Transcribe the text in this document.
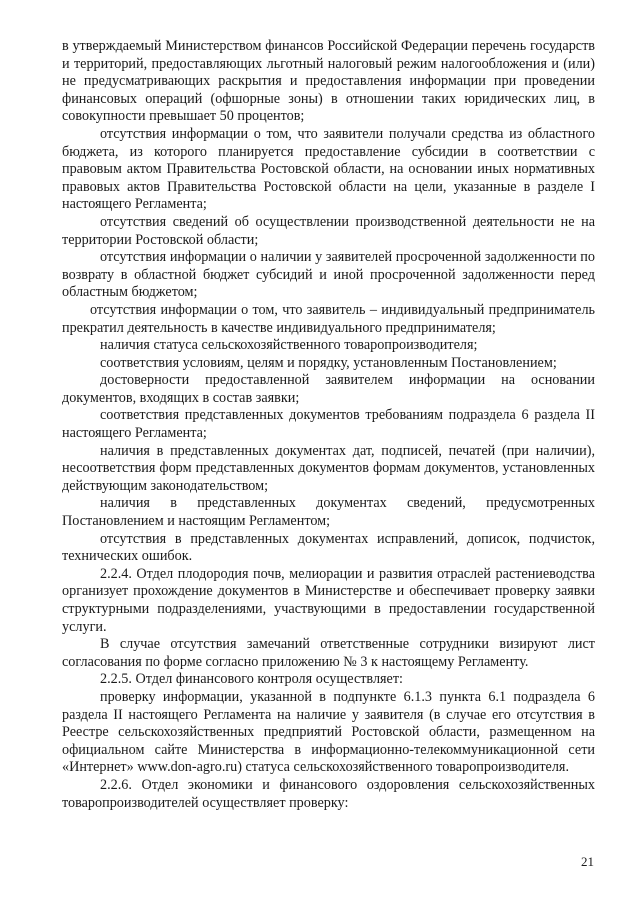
в утверждаемый Министерством финансов Российской Федерации перечень государств и территорий, предоставляющих льготный налоговый режим налогообложения и (или) не предусматривающих раскрытия и предоставления информации при проведении финансовых операций (офшорные зоны) в отношении таких юридических лиц, в совокупности превышает 50 процентов;

отсутствия информации о том, что заявители получали средства из областного бюджета, из которого планируется предоставление субсидии в соответствии с правовым актом Правительства Ростовской области, на основании иных нормативных правовых актов Правительства Ростовской области на цели, указанные в разделе I настоящего Регламента;

отсутствия сведений об осуществлении производственной деятельности не на территории Ростовской области;

отсутствия информации о наличии у заявителей просроченной задолженности по возврату в областной бюджет субсидий и иной просроченной задолженности перед областным бюджетом;

отсутствия информации о том, что заявитель – индивидуальный предприниматель прекратил деятельность в качестве индивидуального предпринимателя;

наличия статуса сельскохозяйственного товаропроизводителя;

соответствия условиям, целям и порядку, установленным Постановлением;

достоверности предоставленной заявителем информации на основании документов, входящих в состав заявки;

соответствия представленных документов требованиям подраздела 6 раздела II настоящего Регламента;

наличия в представленных документах дат, подписей, печатей (при наличии), несоответствия форм представленных документов формам документов, установленных действующим законодательством;

наличия в представленных документах сведений, предусмотренных Постановлением и настоящим Регламентом;

отсутствия в представленных документах исправлений, дописок, подчисток, технических ошибок.

2.2.4. Отдел плодородия почв, мелиорации и развития отраслей растениеводства организует прохождение документов в Министерстве и обеспечивает проверку заявки структурными подразделениями, участвующими в предоставлении государственной услуги.

В случае отсутствия замечаний ответственные сотрудники визируют лист согласования по форме согласно приложению № 3 к настоящему Регламенту.

2.2.5. Отдел финансового контроля осуществляет:

проверку информации, указанной в подпункте 6.1.3 пункта 6.1 подраздела 6 раздела II настоящего Регламента на наличие у заявителя (в случае его отсутствия в Реестре сельскохозяйственных предприятий Ростовской области, размещенном на официальном сайте Министерства в информационно-телекоммуникационной сети «Интернет» www.don-agro.ru) статуса сельскохозяйственного товаропроизводителя.

2.2.6. Отдел экономики и финансового оздоровления сельскохозяйственных товаропроизводителей осуществляет проверку:

21
